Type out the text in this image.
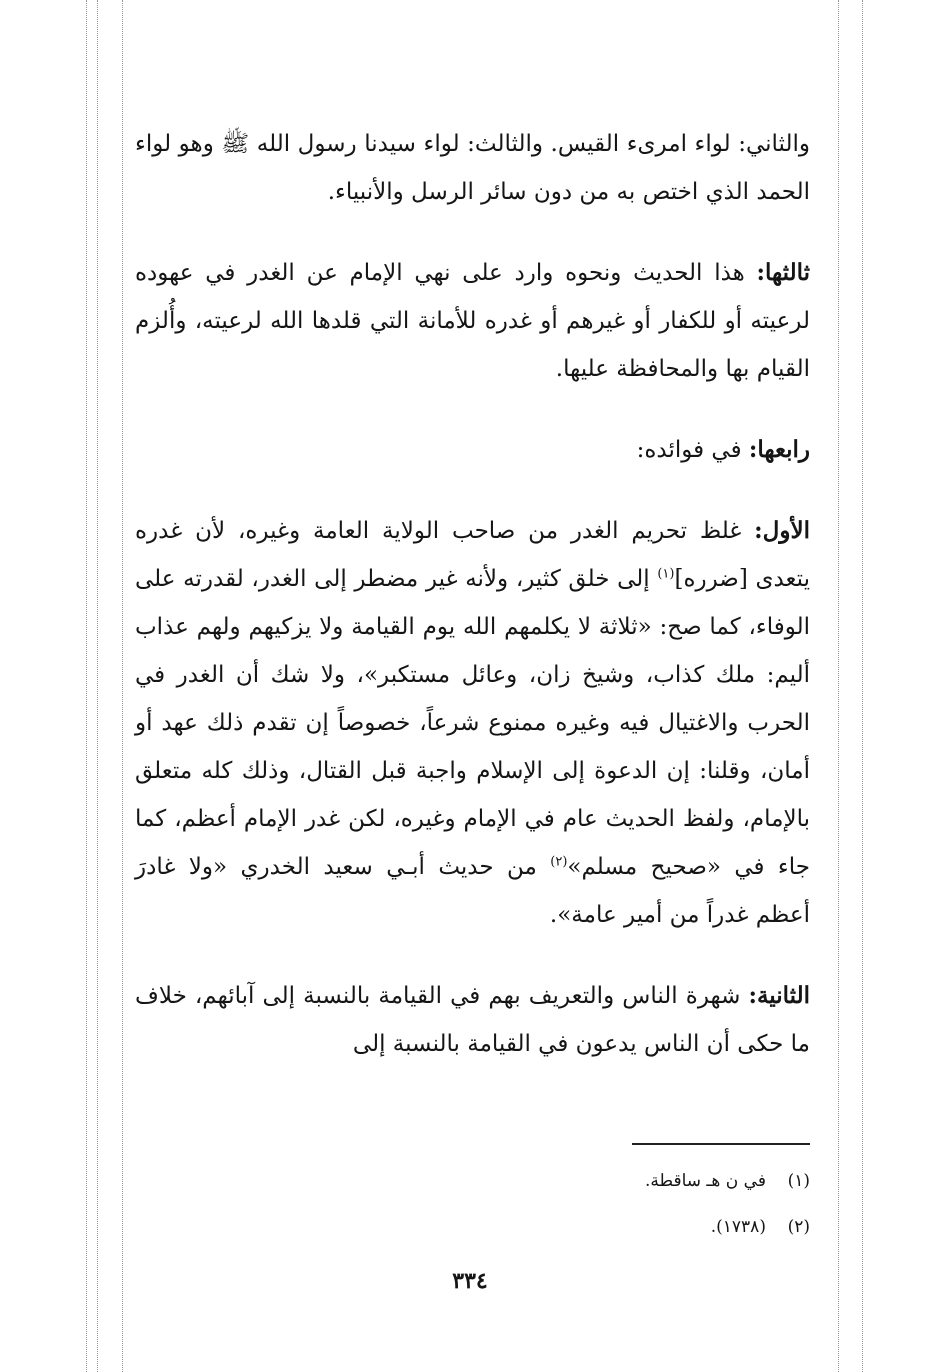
والثاني: لواء امرىء القيس. والثالث: لواء سيدنا رسول الله ﷺ وهو لواء الحمد الذي اختص به من دون سائر الرسل والأنبياء.

ثالثها: هذا الحديث ونحوه وارد على نهي الإمام عن الغدر في عهوده لرعيته أو للكفار أو غيرهم أو غدره للأمانة التي قلدها الله لرعيته، وأُلزم القيام بها والمحافظة عليها.

رابعها: في فوائده:

الأول: غلظ تحريم الغدر من صاحب الولاية العامة وغيره، لأن غدره يتعدى [ضرره]$^{(١)}$ إلى خلق كثير، ولأنه غير مضطر إلى الغدر، لقدرته على الوفاء، كما صح: «ثلاثة لا يكلمهم الله يوم القيامة ولا يزكيهم ولهم عذاب أليم: ملك كذاب، وشيخ زان، وعائل مستكبر»، ولا شك أن الغدر في الحرب والاغتيال فيه وغيره ممنوع شرعاً، خصوصاً إن تقدم ذلك عهد أو أمان، وقلنا: إن الدعوة إلى الإسلام واجبة قبل القتال، وذلك كله متعلق بالإمام، ولفظ الحديث عام في الإمام وغيره، لكن غدر الإمام أعظم، كما جاء في «صحيح مسلم»$^{(٢)}$ من حديث أبـي سعيد الخدري «ولا غادرَ أعظم غدراً من أمير عامة».

الثانية: شهرة الناس والتعريف بهم في القيامة بالنسبة إلى آبائهم، خلاف ما حكى أن الناس يدعون في القيامة بالنسبة إلى

(١)    في ن هـ ساقطة.
(٢)    (١٧٣٨).
٣٣٤
